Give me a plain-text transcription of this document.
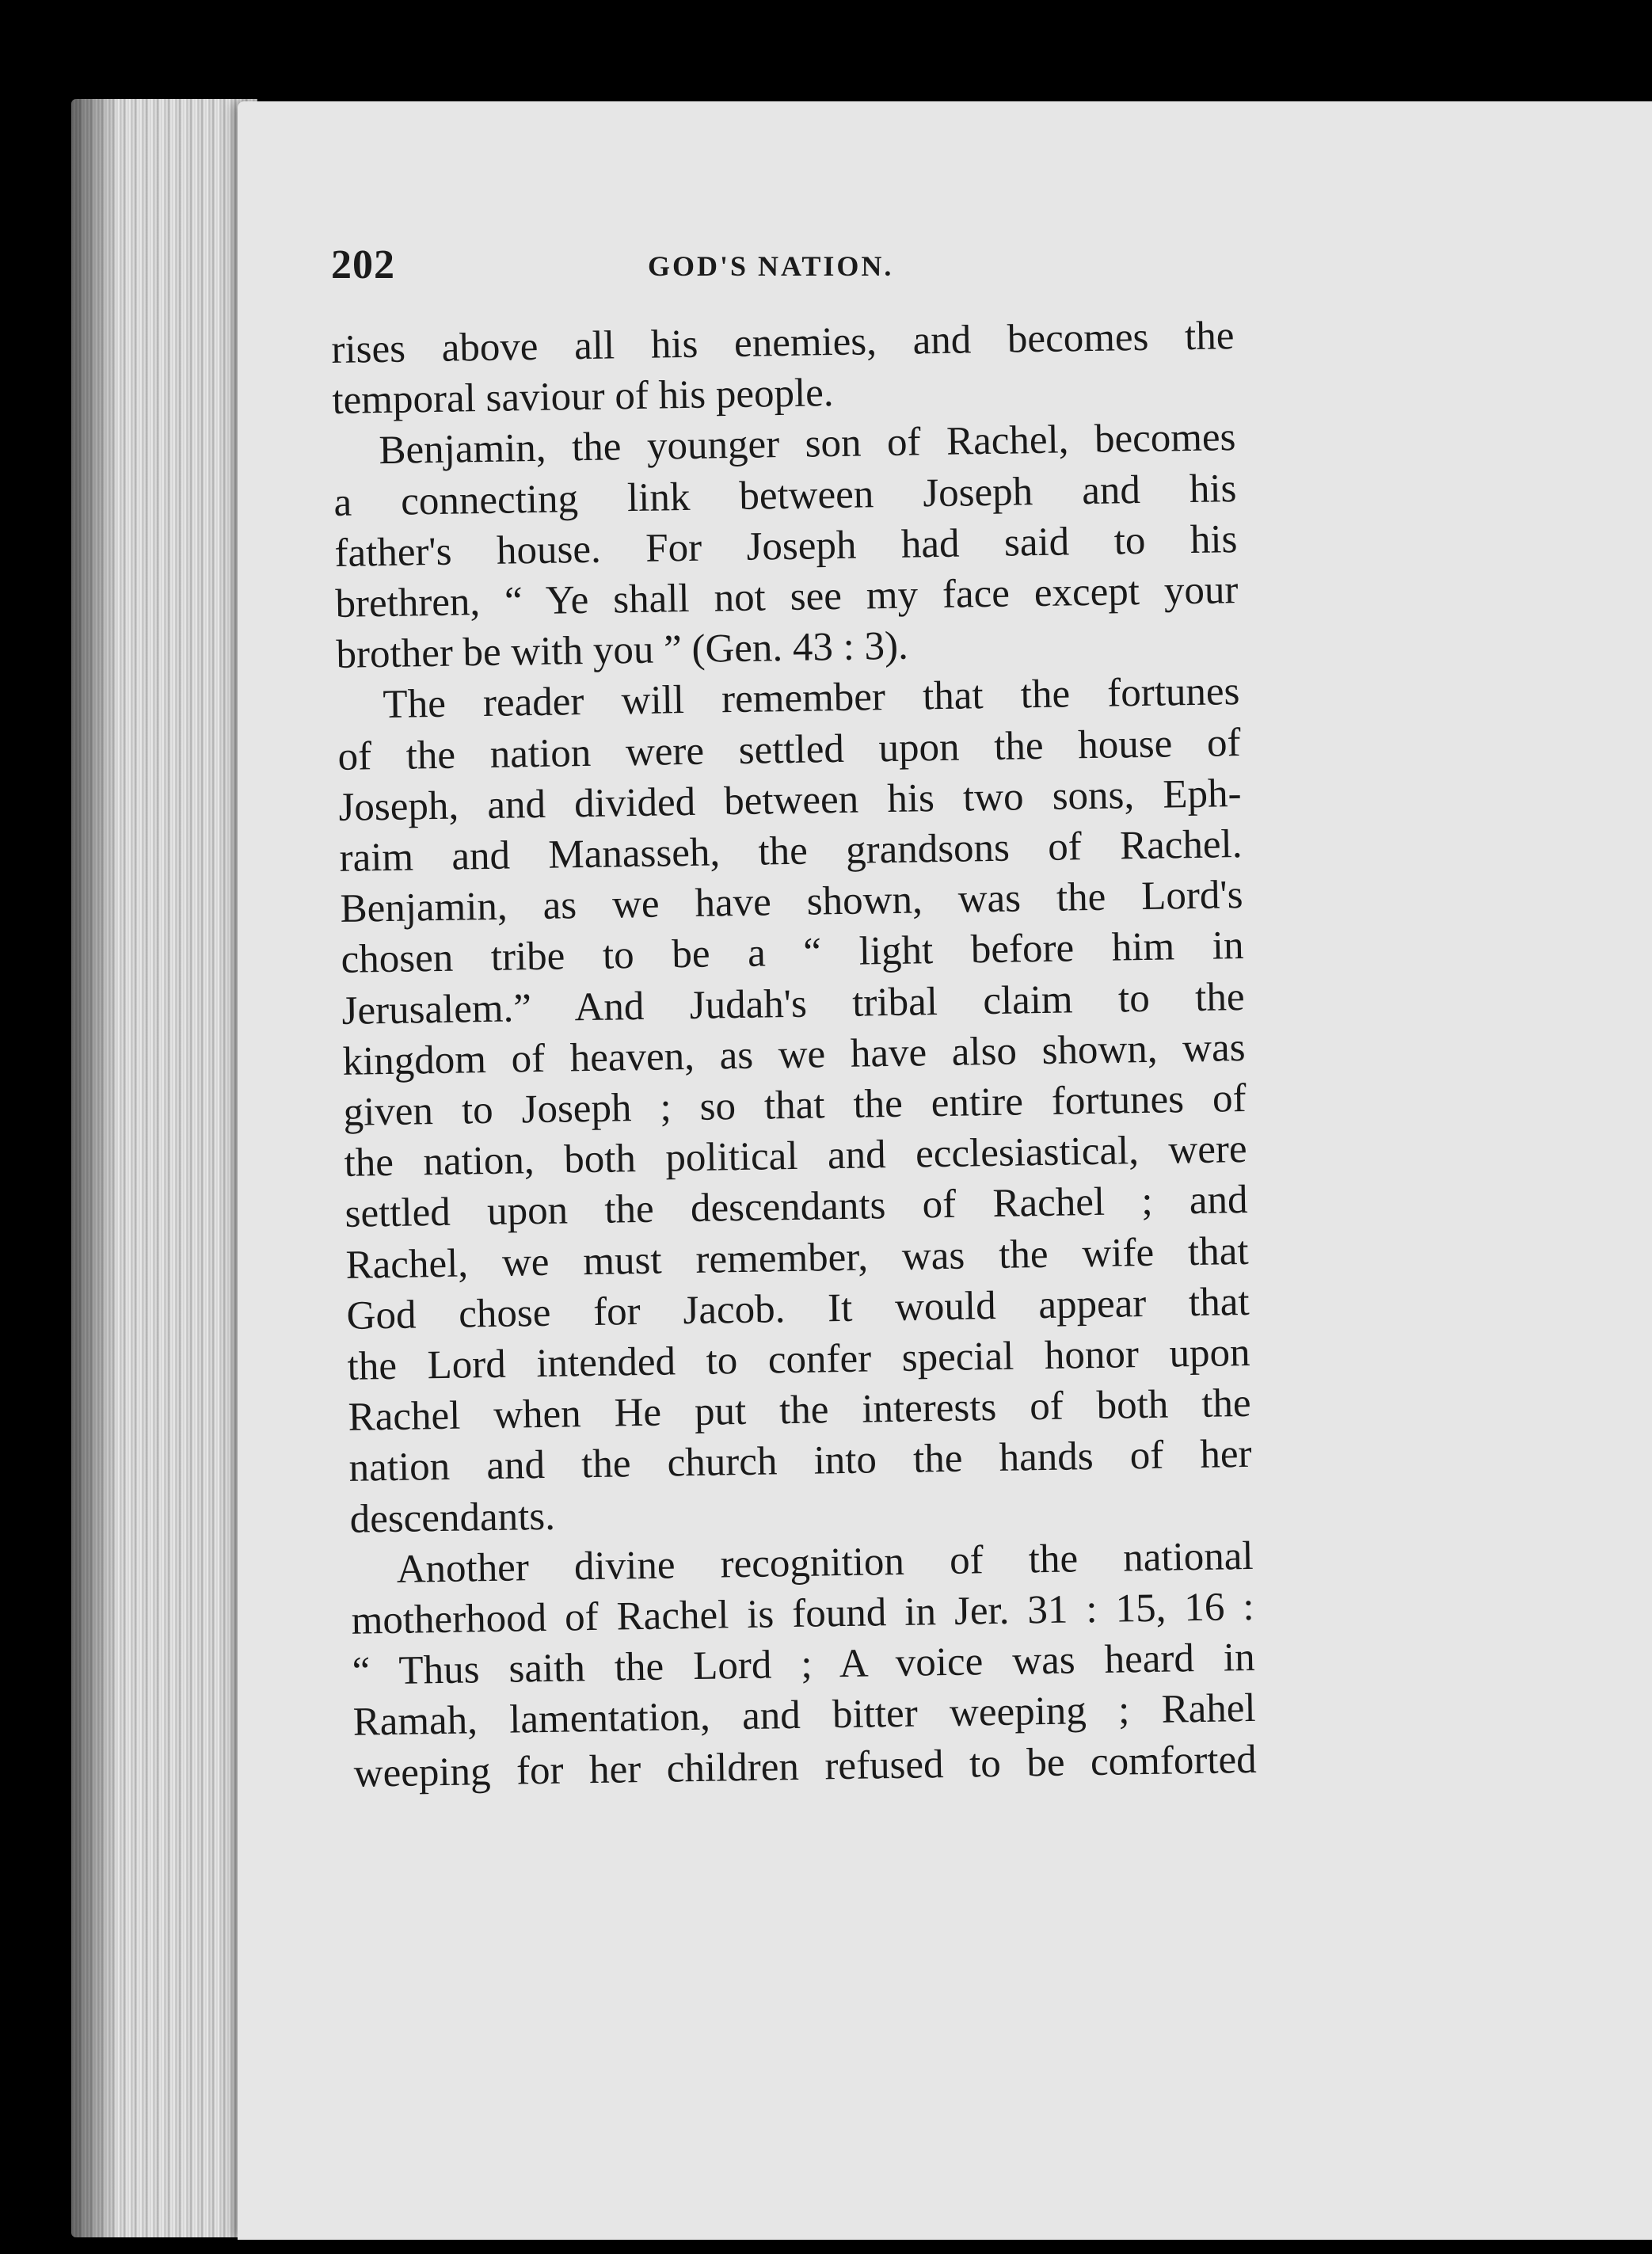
202	GOD'S NATION.

rises above all his enemies, and becomes the
temporal saviour of his people.

Benjamin, the younger son of Rachel, becomes
a connecting link between Joseph and his
father's house. For Joseph had said to his
brethren, “ Ye shall not see my face except your
brother be with you ” (Gen. 43 : 3).

The reader will remember that the fortunes
of the nation were settled upon the house of
Joseph, and divided between his two sons, Eph-
raim and Manasseh, the grandsons of Rachel.
Benjamin, as we have shown, was the Lord's
chosen tribe to be a “ light before him in
Jerusalem.” And Judah's tribal claim to the
kingdom of heaven, as we have also shown, was
given to Joseph ; so that the entire fortunes of
the nation, both political and ecclesiastical, were
settled upon the descendants of Rachel ; and
Rachel, we must remember, was the wife that
God chose for Jacob. It would appear that
the Lord intended to confer special honor upon
Rachel when He put the interests of both the
nation and the church into the hands of her
descendants.

Another divine recognition of the national
motherhood of Rachel is found in Jer. 31 : 15, 16 :
“ Thus saith the Lord ; A voice was heard in
Ramah, lamentation, and bitter weeping ; Rahel
weeping for her children refused to be comforted
